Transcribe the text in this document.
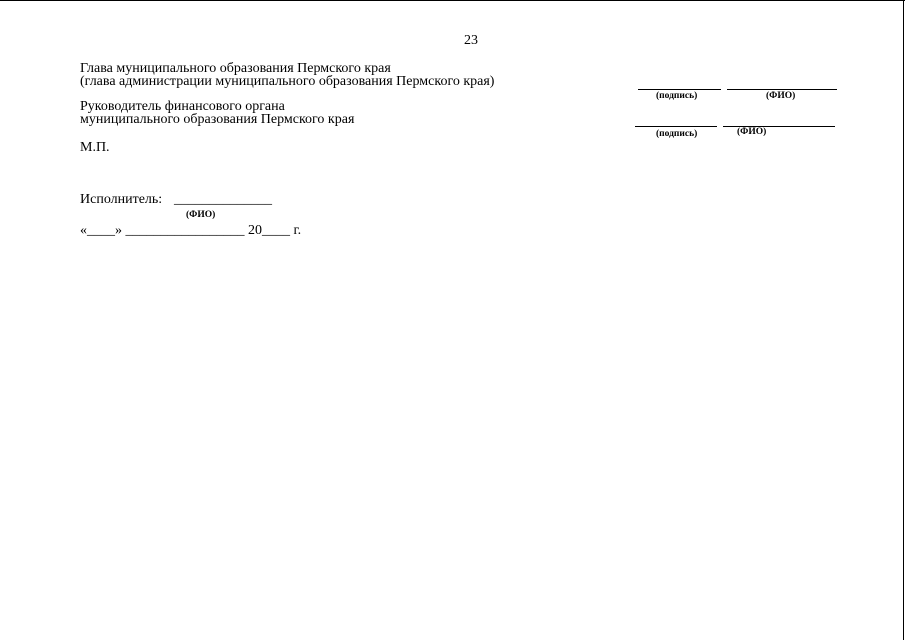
23
Глава муниципального образования Пермского края
(глава администрации муниципального образования Пермского края)
(подпись)	(ФИО)
Руководитель финансового органа
муниципального образования Пермского края
(подпись)	(ФИО)
М.П.
Исполнитель: ______________
(ФИО)
«____» _________________ 20____ г.
